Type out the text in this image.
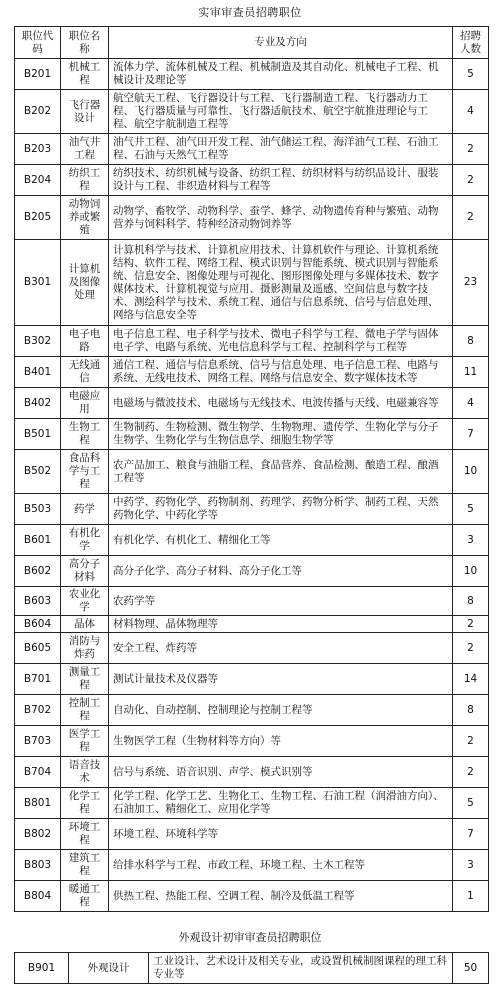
实审审查员招聘职位
职位代码	职位名称	专业及方向	招聘人数
B201	机械工程	流体力学、流体机械及工程、机械制造及其自动化、机械电子工程、机械设计及理论等	5
B202	飞行器设计	航空航天工程、飞行器设计与工程、飞行器制造工程、飞行器动力工程、飞行器质量与可靠性、飞行器适航技术、航空宇航推进理论与工程、航空宇航制造工程等	4
B203	油气井工程	油气井工程、油气田开发工程、油气储运工程、海洋油气工程、石油工程、石油与天然气工程等	2
B204	纺织工程	纺织技术、纺织机械与设备、纺织工程、纺织材料与纺织品设计、服装设计与工程、非织造材料与工程等	2
B205	动物饲养或繁殖	动物学、畜牧学、动物科学、蚕学、蜂学、动物遗传育种与繁殖、动物营养与饲料科学、特种经济动物饲养等	2
B301	计算机及图像处理	计算机科学与技术、计算机应用技术、计算机软件与理论、计算机系统结构、软件工程、网络工程、模式识别与智能系统、模式识别与智能系统、信息安全、图像处理与可视化、图形图像处理与多媒体技术、数字媒体技术、计算机视觉与应用、摄影测量及遥感、空间信息与数字技术、测绘科学与技术、系统工程、通信与信息系统、信号与信息处理、网络与信息安全等	23
B302	电子电路	电子信息工程、电子科学与技术、微电子科学与工程、微电子学与固体电子学、电路与系统、光电信息科学与工程、控制科学与工程等	8
B401	无线通信	通信工程、通信与信息系统、信号与信息处理、电子信息工程、电路与系统、无线电技术、网络工程、网络与信息安全、数字媒体技术等	11
B402	电磁应用	电磁场与微波技术、电磁场与无线技术、电波传播与天线、电磁兼容等	4
B501	生物工程	生物制药、生物检测、微生物学、生物物理、遗传学、生物化学与分子生物学、生物化学与生物信息学、细胞生物学等	7
B502	食品科学与工程	农产品加工、粮食与油脂工程、食品营养、食品检测、酿造工程、酿酒工程等	10
B503	药学	中药学、药物化学、药物制剂、药理学、药物分析学、制药工程、天然药物化学、中药化学等	5
B601	有机化学	有机化学、有机化工、精细化工等	3
B602	高分子材料	高分子化学、高分子材料、高分子化工等	10
B603	农业化学	农药学等	8
B604	晶体	材料物理、晶体物理等	2
B605	消防与炸药	安全工程、炸药等	2
B701	测量工程	测试计量技术及仪器等	14
B702	控制工程	自动化、自动控制、控制理论与控制工程等	8
B703	医学工程	生物医学工程（生物材料等方向）等	2
B704	语音技术	信号与系统、语音识别、声学、模式识别等	2
B801	化学工程	化学工程、化学工艺、生物化工、生物工程、石油工程（润滑油方向）、石油加工、精细化工、应用化学等	5
B802	环境工程	环境工程、环境科学等	7
B803	建筑工程	给排水科学与工程、市政工程、环境工程、土木工程等	3
B804	暖通工程	供热工程、热能工程、空调工程、制冷及低温工程等	1
外观设计初审审查员招聘职位
B901	外观设计	工业设计、艺术设计及相关专业，或设置机械制图课程的理工科专业等	50
